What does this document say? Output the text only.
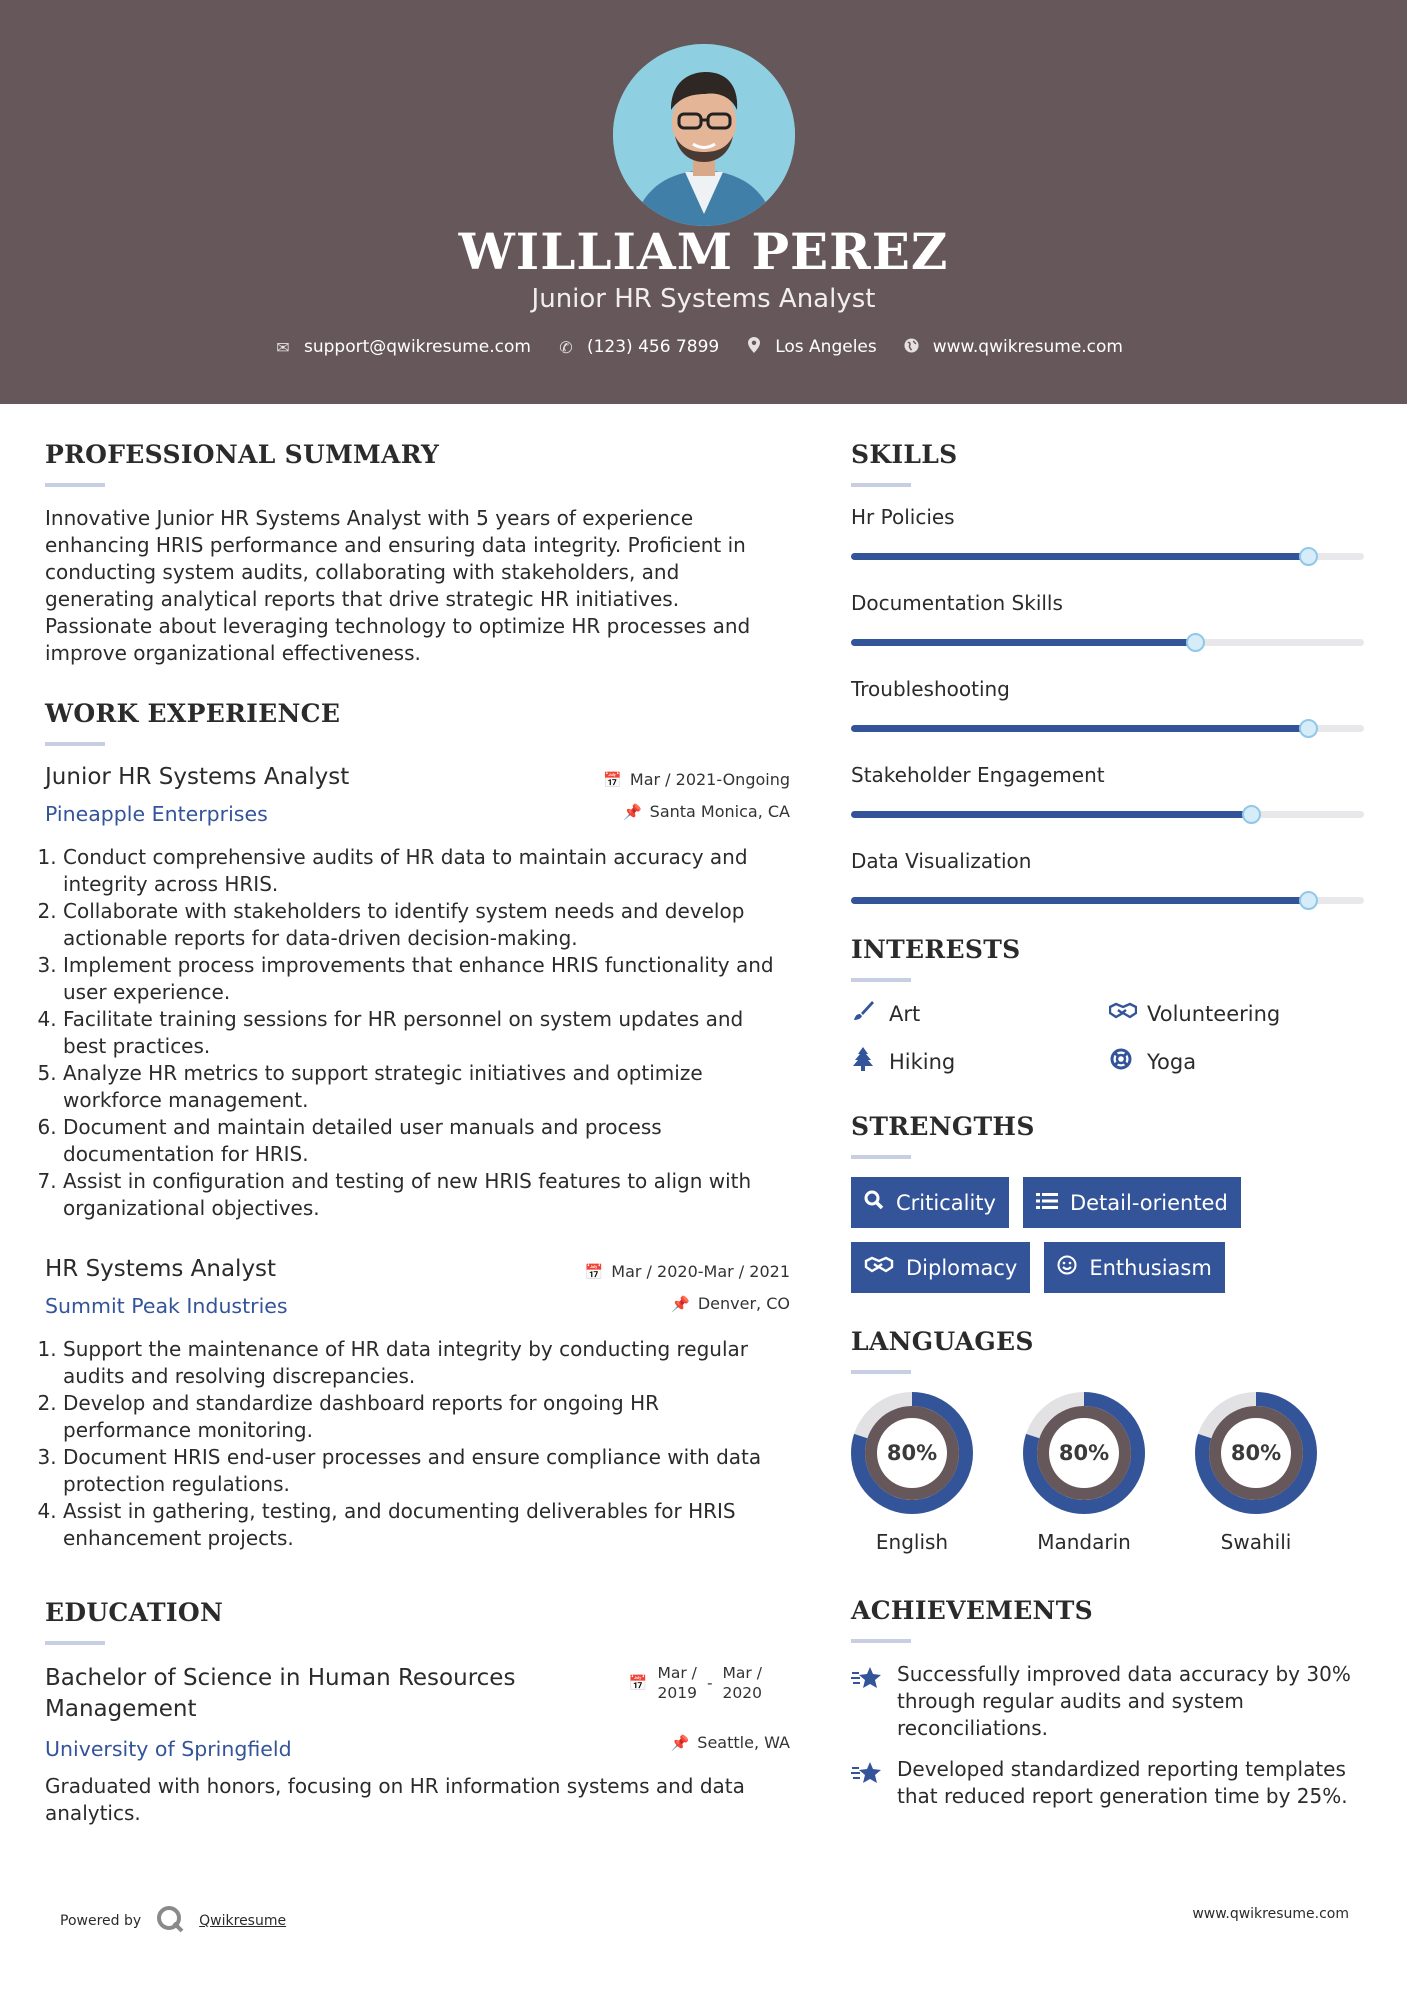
WILLIAM PEREZ
Junior HR Systems Analyst
✉ support@qwikresume.com ✆ (123) 456 7899	Los Angeles	www.qwikresume.com
PROFESSIONAL SUMMARY
Innovative Junior HR Systems Analyst with 5 years of experience enhancing HRIS performance and ensuring data integrity. Proficient in conducting system audits, collaborating with stakeholders, and generating analytical reports that drive strategic HR initiatives. Passionate about leveraging technology to optimize HR processes and improve organizational effectiveness.
WORK EXPERIENCE
Junior HR Systems Analyst	📅 Mar / 2021-Ongoing
Pineapple Enterprises	📌 Santa Monica, CA
1. Conduct comprehensive audits of HR data to maintain accuracy and integrity across HRIS.
2. Collaborate with stakeholders to identify system needs and develop actionable reports for data-driven decision-making.
3. Implement process improvements that enhance HRIS functionality and user experience.
4. Facilitate training sessions for HR personnel on system updates and best practices.
5. Analyze HR metrics to support strategic initiatives and optimize workforce management.
6. Document and maintain detailed user manuals and process documentation for HRIS.
7. Assist in configuration and testing of new HRIS features to align with organizational objectives.
HR Systems Analyst	📅 Mar / 2020-Mar / 2021
Summit Peak Industries	📌 Denver, CO
1. Support the maintenance of HR data integrity by conducting regular audits and resolving discrepancies.
2. Develop and standardize dashboard reports for ongoing HR performance monitoring.
3. Document HRIS end-user processes and ensure compliance with data protection regulations.
4. Assist in gathering, testing, and documenting deliverables for HRIS enhancement projects.
EDUCATION
Bachelor of Science in Human Resources Management
📅
Mar /
2019
-
Mar /
2020
University of Springfield	📌 Seattle, WA
Graduated with honors, focusing on HR information systems and data analytics.
SKILLS
Hr Policies
Documentation Skills
Troubleshooting
Stakeholder Engagement
Data Visualization
INTERESTS
Art	Volunteering
Hiking	Yoga
STRENGTHS
Criticality	Detail-oriented
Diplomacy	Enthusiasm
LANGUAGES
80%
English
80%
Mandarin
80%
Swahili
ACHIEVEMENTS
Successfully improved data accuracy by 30% through regular audits and system reconciliations.
Developed standardized reporting templates that reduced report generation time by 25%.
Powered by	Qwikresume	www.qwikresume.com
